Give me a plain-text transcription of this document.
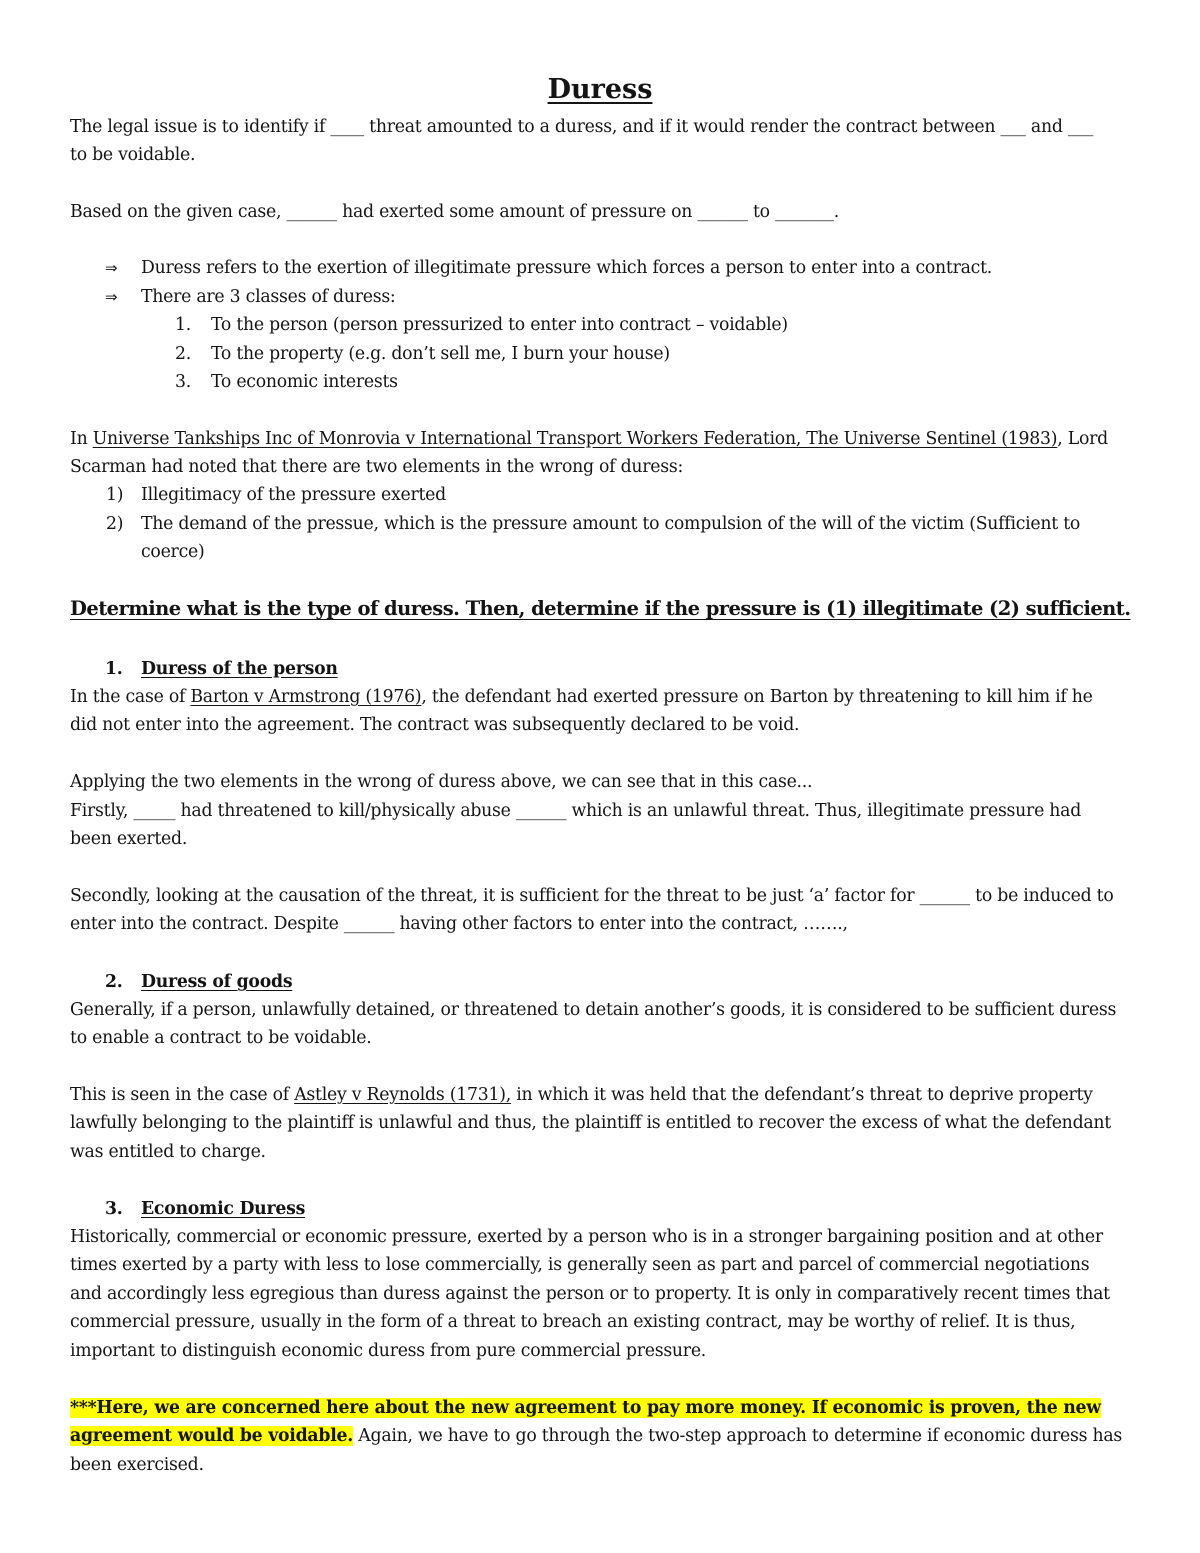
Duress

The legal issue is to identify if ____ threat amounted to a duress, and if it would render the contract between ___ and ___

to be voidable.

Based on the given case, ______ had exerted some amount of pressure on ______ to _______.

⇒ Duress refers to the exertion of illegitimate pressure which forces a person to enter into a contract.

⇒ There are 3 classes of duress:

1. To the person (person pressurized to enter into contract – voidable)

2. To the property (e.g. don’t sell me, I burn your house)

3. To economic interests

In Universe Tankships Inc of Monrovia v International Transport Workers Federation, The Universe Sentinel (1983), Lord

Scarman had noted that there are two elements in the wrong of duress:

1) Illegitimacy of the pressure exerted

2) The demand of the pressue, which is the pressure amount to compulsion of the will of the victim (Sufficient to

coerce)

Determine what is the type of duress. Then, determine if the pressure is (1) illegitimate (2) sufficient.

1. Duress of the person

In the case of Barton v Armstrong (1976), the defendant had exerted pressure on Barton by threatening to kill him if he

did not enter into the agreement. The contract was subsequently declared to be void.

Applying the two elements in the wrong of duress above, we can see that in this case...

Firstly, _____ had threatened to kill/physically abuse ______ which is an unlawful threat. Thus, illegitimate pressure had

been exerted.

Secondly, looking at the causation of the threat, it is sufficient for the threat to be just ‘a’ factor for ______ to be induced to

enter into the contract. Despite ______ having other factors to enter into the contract, …….,

2. Duress of goods

Generally, if a person, unlawfully detained, or threatened to detain another’s goods, it is considered to be sufficient duress

to enable a contract to be voidable.

This is seen in the case of Astley v Reynolds (1731), in which it was held that the defendant’s threat to deprive property

lawfully belonging to the plaintiff is unlawful and thus, the plaintiff is entitled to recover the excess of what the defendant

was entitled to charge.

3. Economic Duress

Historically, commercial or economic pressure, exerted by a person who is in a stronger bargaining position and at other

times exerted by a party with less to lose commercially, is generally seen as part and parcel of commercial negotiations

and accordingly less egregious than duress against the person or to property. It is only in comparatively recent times that

commercial pressure, usually in the form of a threat to breach an existing contract, may be worthy of relief. It is thus,

important to distinguish economic duress from pure commercial pressure.

***Here, we are concerned here about the new agreement to pay more money. If economic is proven, the new

agreement would be voidable. Again, we have to go through the two-step approach to determine if economic duress has

been exercised.
